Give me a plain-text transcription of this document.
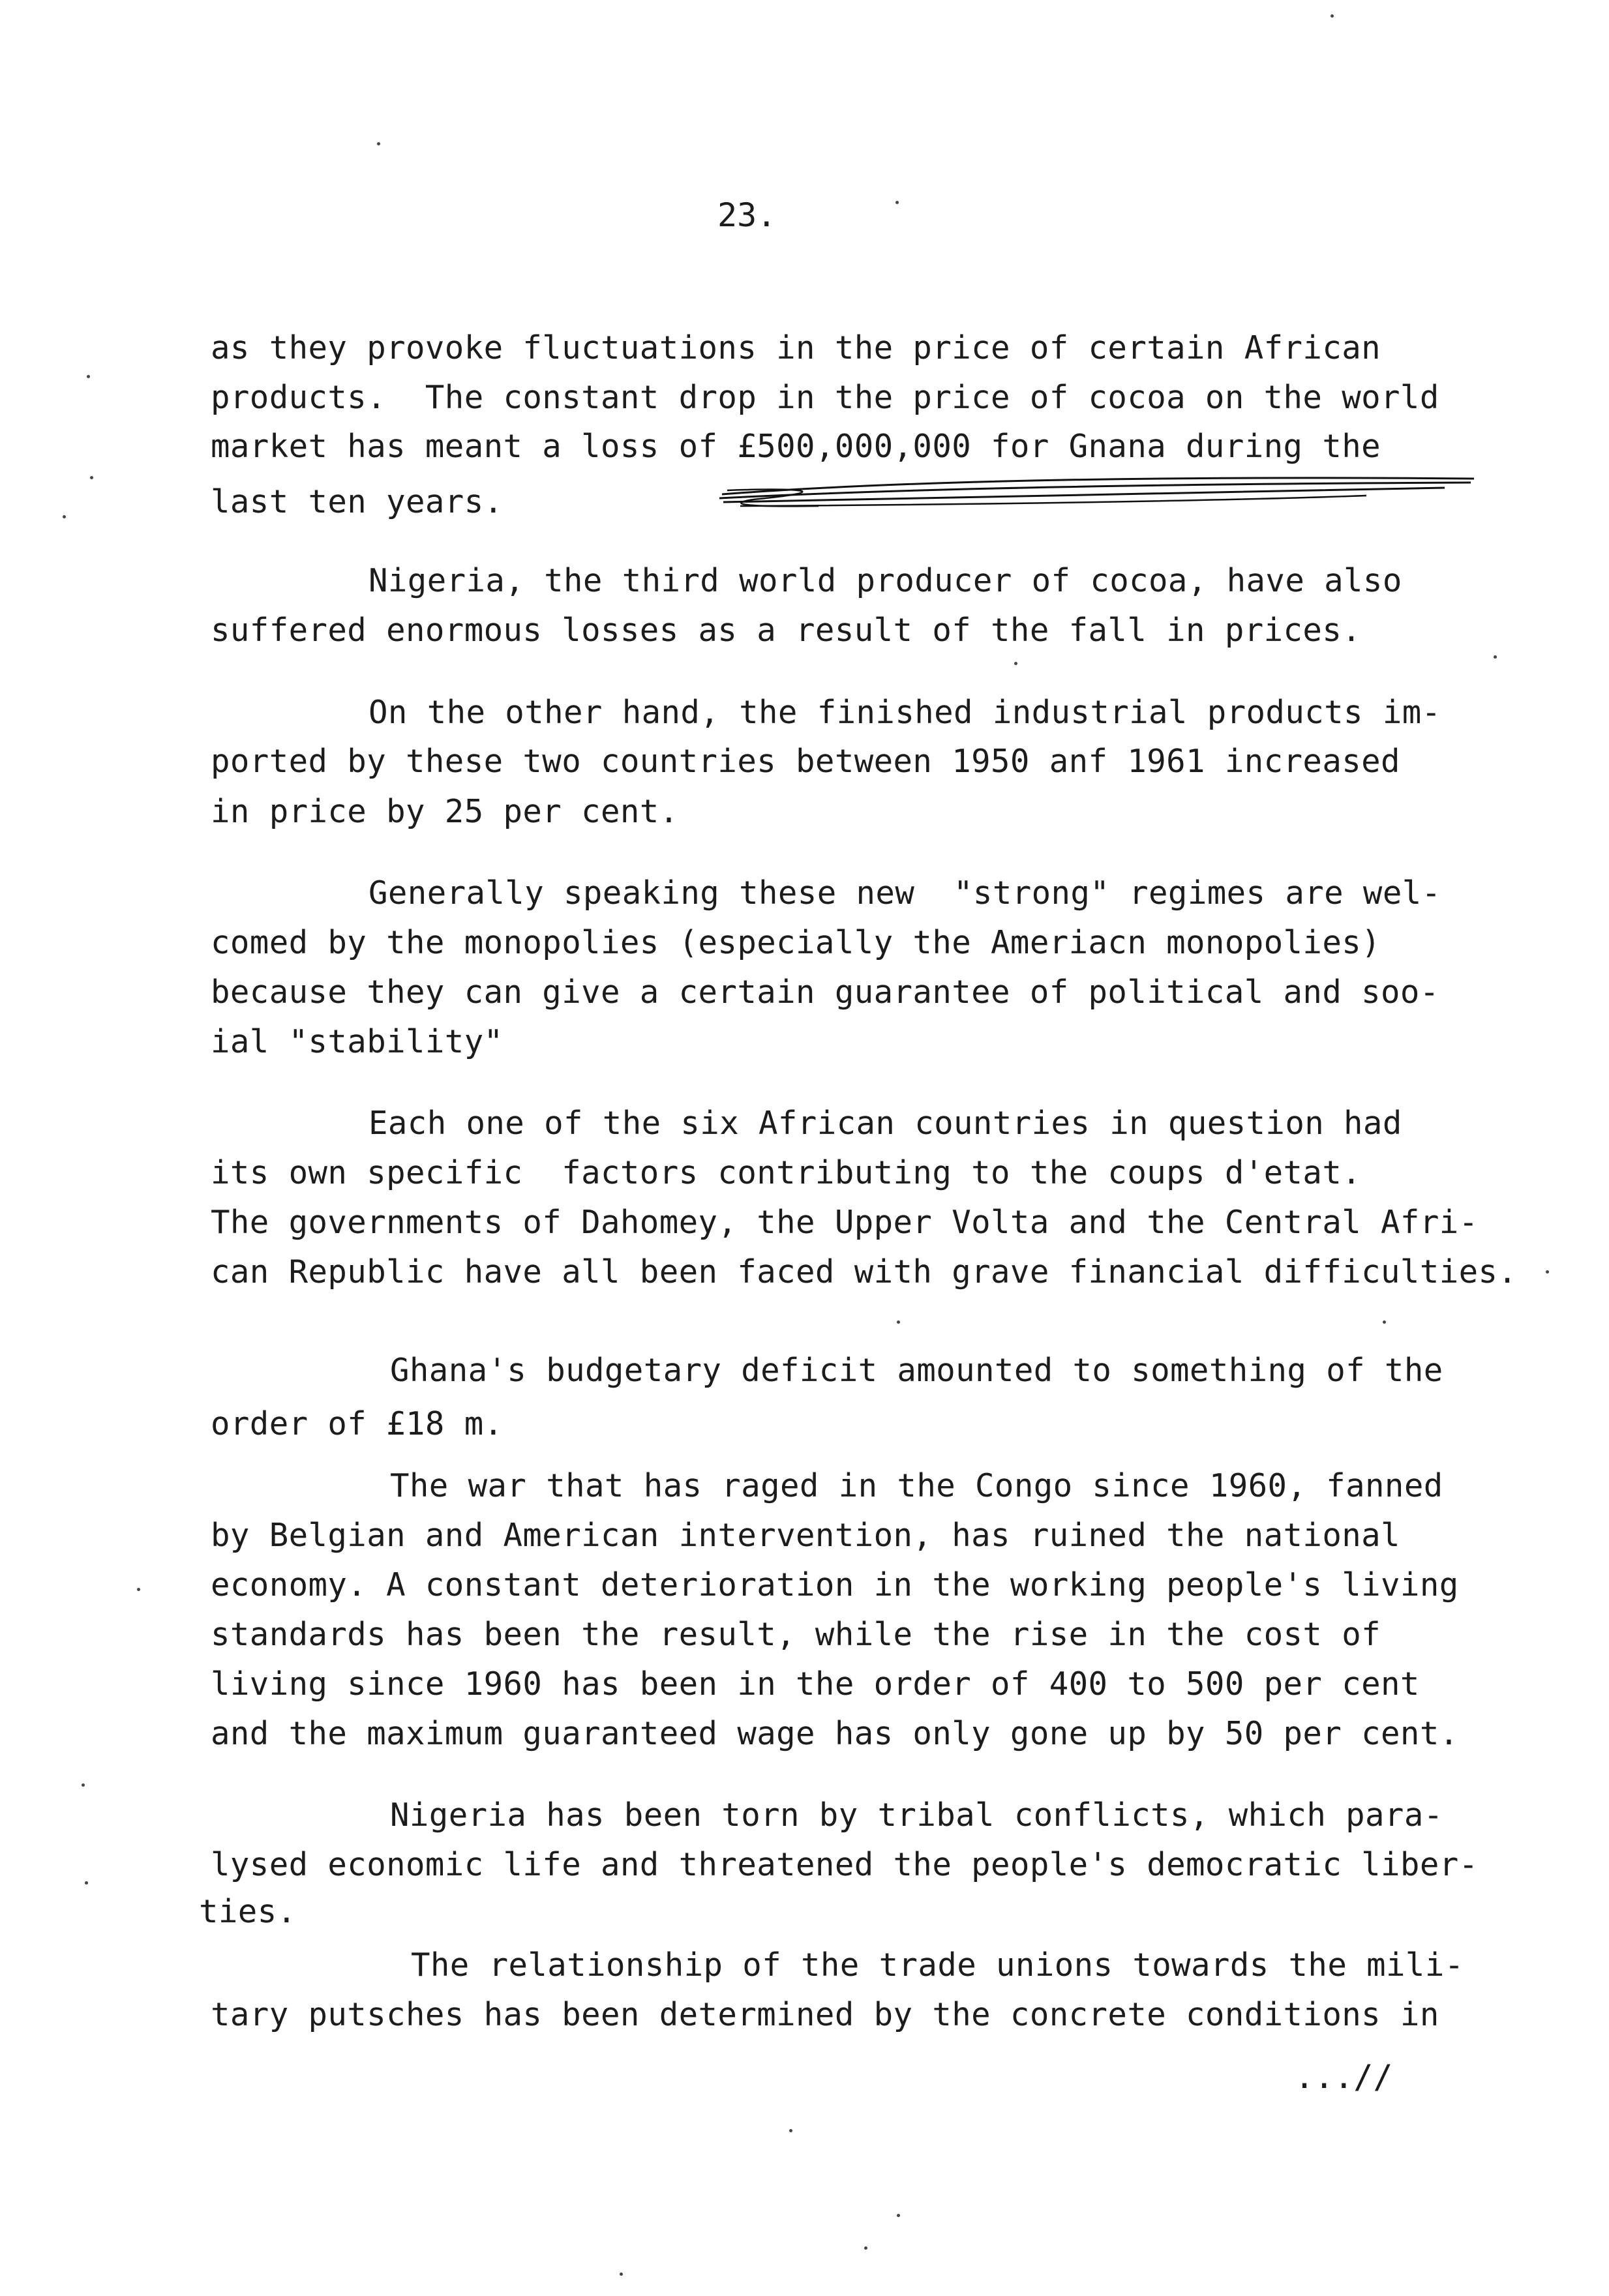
23.
as they provoke fluctuations in the price of certain African
products.  The constant drop in the price of cocoa on the world
market has meant a loss of £500,000,000 for Gnana during the
last ten years.
Nigeria, the third world producer of cocoa, have also
suffered enormous losses as a result of the fall in prices.
On the other hand, the finished industrial products im-
ported by these two countries between 1950 anf 1961 increased
in price by 25 per cent.
Generally speaking these new  "strong" regimes are wel-
comed by the monopolies (especially the Ameriacn monopolies)
because they can give a certain guarantee of political and soo-
ial "stability"
Each one of the six African countries in question had
its own specific  factors contributing to the coups d'etat.
The governments of Dahomey, the Upper Volta and the Central Afri-
can Republic have all been faced with grave financial difficulties.
Ghana's budgetary deficit amounted to something of the
order of £18 m.
The war that has raged in the Congo since 1960, fanned
by Belgian and American intervention, has ruined the national
economy. A constant deterioration in the working people's living
standards has been the result, while the rise in the cost of
living since 1960 has been in the order of 400 to 500 per cent
and the maximum guaranteed wage has only gone up by 50 per cent.
Nigeria has been torn by tribal conflicts, which para-
lysed economic life and threatened the people's democratic liber-
ties.
The relationship of the trade unions towards the mili-
tary putsches has been determined by the concrete conditions in
...//
